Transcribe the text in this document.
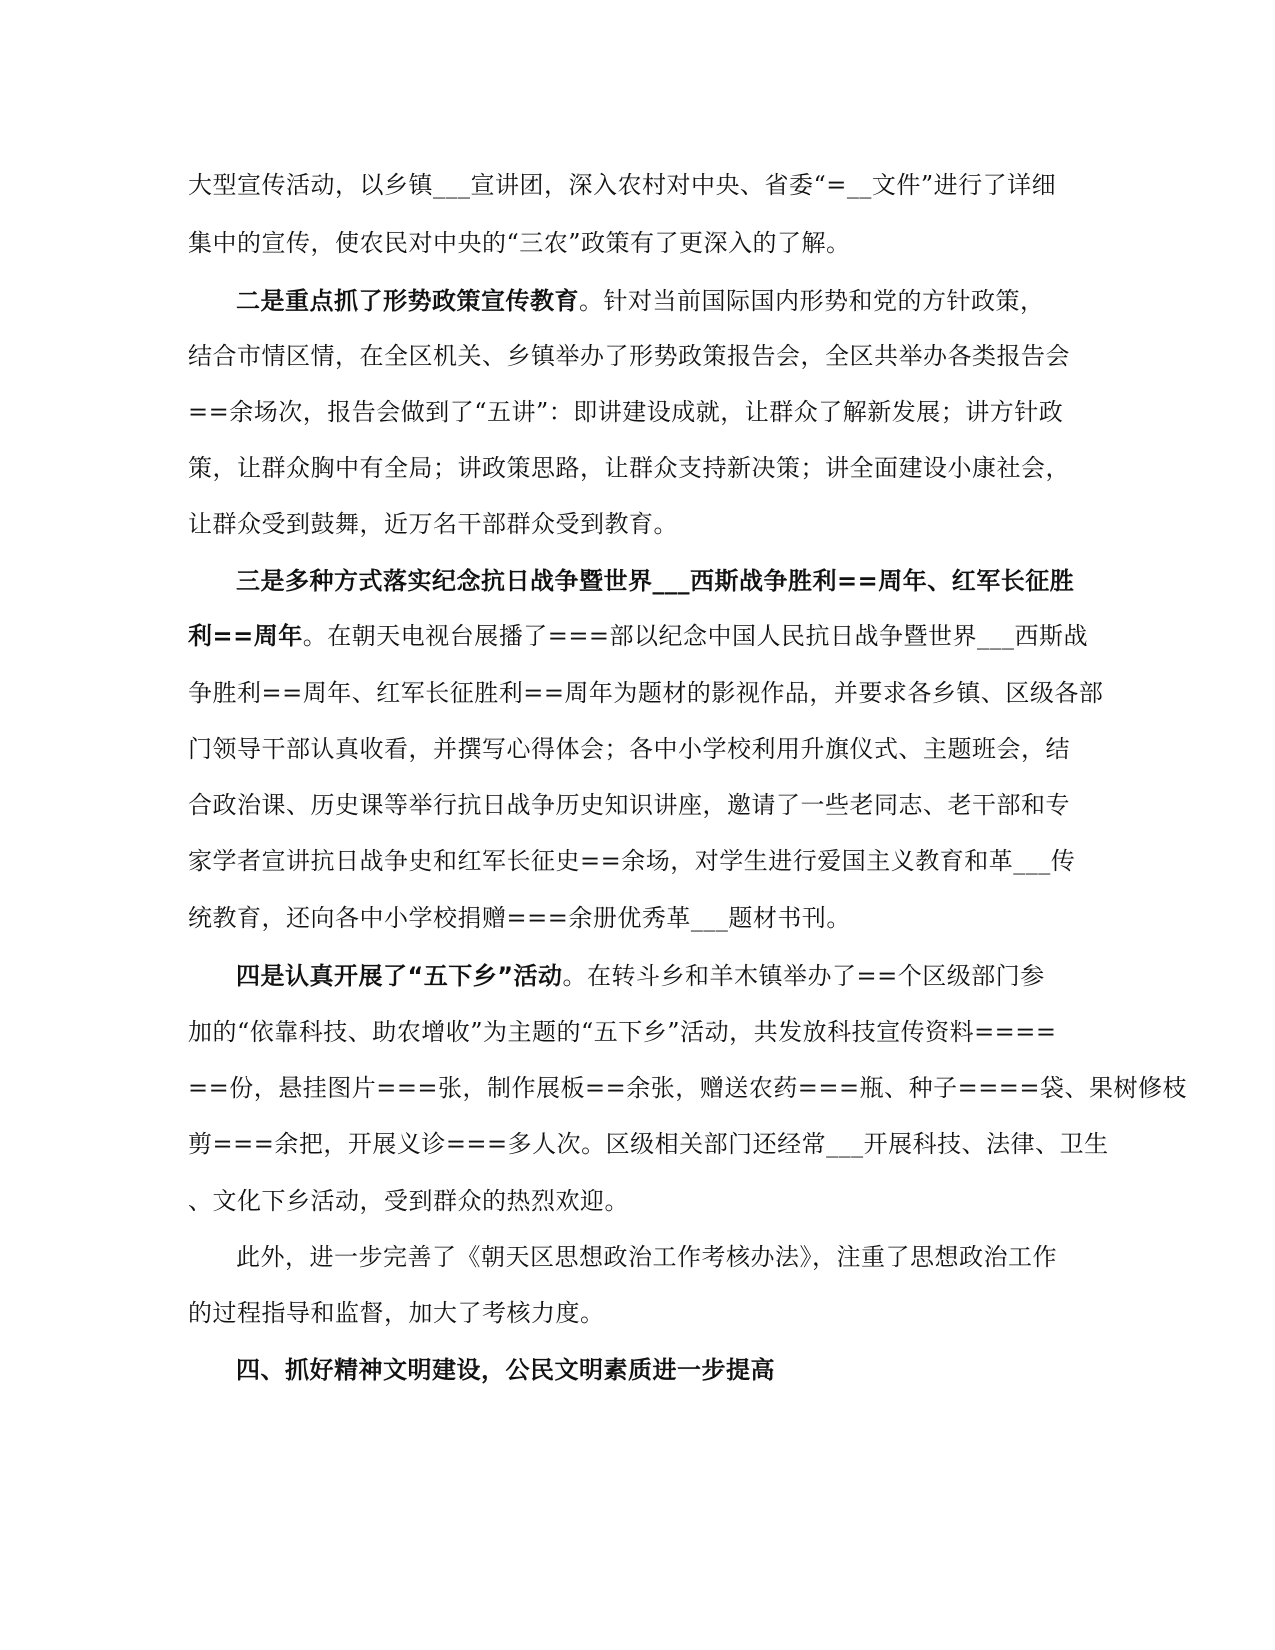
大型宣传活动，以乡镇___宣讲团，深入农村对中央、省委“=__文件”进行了详细
集中的宣传，使农民对中央的“三农”政策有了更深入的了解。
二是重点抓了形势政策宣传教育。针对当前国际国内形势和党的方针政策，
结合市情区情，在全区机关、乡镇举办了形势政策报告会，全区共举办各类报告会
==余场次，报告会做到了“五讲”：即讲建设成就，让群众了解新发展；讲方针政
策，让群众胸中有全局；讲政策思路，让群众支持新决策；讲全面建设小康社会，
让群众受到鼓舞，近万名干部群众受到教育。
三是多种方式落实纪念抗日战争暨世界___西斯战争胜利==周年、红军长征胜
利==周年。在朝天电视台展播了===部以纪念中国人民抗日战争暨世界___西斯战
争胜利==周年、红军长征胜利==周年为题材的影视作品，并要求各乡镇、区级各部
门领导干部认真收看，并撰写心得体会；各中小学校利用升旗仪式、主题班会，结
合政治课、历史课等举行抗日战争历史知识讲座，邀请了一些老同志、老干部和专
家学者宣讲抗日战争史和红军长征史==余场，对学生进行爱国主义教育和革___传
统教育，还向各中小学校捐赠===余册优秀革___题材书刊。
四是认真开展了“五下乡”活动。在转斗乡和羊木镇举办了==个区级部门参
加的“依靠科技、助农增收”为主题的“五下乡”活动，共发放科技宣传资料====
==份，悬挂图片===张，制作展板==余张，赠送农药===瓶、种子====袋、果树修枝
剪===余把，开展义诊===多人次。区级相关部门还经常___开展科技、法律、卫生
、文化下乡活动，受到群众的热烈欢迎。
此外，进一步完善了《朝天区思想政治工作考核办法》，注重了思想政治工作
的过程指导和监督，加大了考核力度。
四、抓好精神文明建设，公民文明素质进一步提高
